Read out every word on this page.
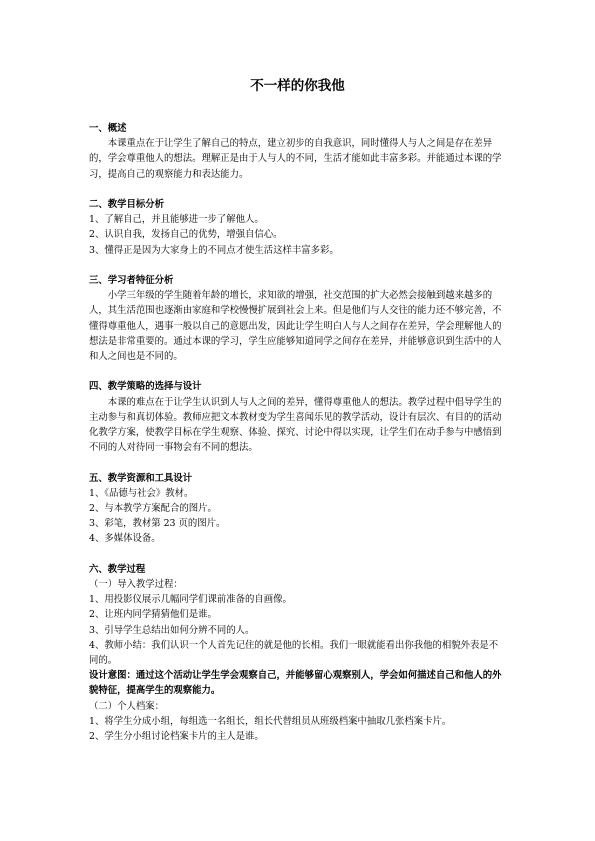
不一样的你我他

一、概述

本课重点在于让学生了解自己的特点，建立初步的自我意识，同时懂得人与人之间是存在差异的，学会尊重他人的想法。理解正是由于人与人的不同，生活才能如此丰富多彩。并能通过本课的学习，提高自己的观察能力和表达能力。

二、教学目标分析

1、了解自己，并且能够进一步了解他人。

2、认识自我，发扬自己的优势，增强自信心。

3、懂得正是因为大家身上的不同点才使生活这样丰富多彩。

三、学习者特征分析

小学三年级的学生随着年龄的增长，求知欲的增强，社交范围的扩大必然会接触到越来越多的人，其生活范围也逐渐由家庭和学校慢慢扩展到社会上来。但是他们与人交往的能力还不够完善，不懂得尊重他人，遇事一般以自己的意愿出发，因此让学生明白人与人之间存在差异，学会理解他人的想法是非常重要的。通过本课的学习，学生应能够知道同学之间存在差异，并能够意识到生活中的人和人之间也是不同的。

四、教学策略的选择与设计

本课的难点在于让学生认识到人与人之间的差异，懂得尊重他人的想法。教学过程中倡导学生的主动参与和真切体验。教师应把文本教材变为学生喜闻乐见的教学活动，设计有层次、有目的的活动化教学方案，使教学目标在学生观察、体验、探究、讨论中得以实现，让学生们在动手参与中感悟到不同的人对待同一事物会有不同的想法。

五、教学资源和工具设计

1、《品德与社会》教材。

2、与本教学方案配合的图片。

3、彩笔，教材第 23 页的图片。

4、多媒体设备。

六、教学过程

（一）导入教学过程：

1、用投影仪展示几幅同学们课前准备的自画像。

2、让班内同学猜猜他们是谁。

3、引导学生总结出如何分辨不同的人。

4、教师小结：我们认识一个人首先记住的就是他的长相。我们一眼就能看出你我他的相貌外表是不同的。

设计意图：通过这个活动让学生学会观察自己，并能够留心观察别人，学会如何描述自己和他人的外貌特征，提高学生的观察能力。

（二）个人档案：

1、将学生分成小组，每组选一名组长，组长代替组员从班级档案中抽取几张档案卡片。

2、学生分小组讨论档案卡片的主人是谁。
